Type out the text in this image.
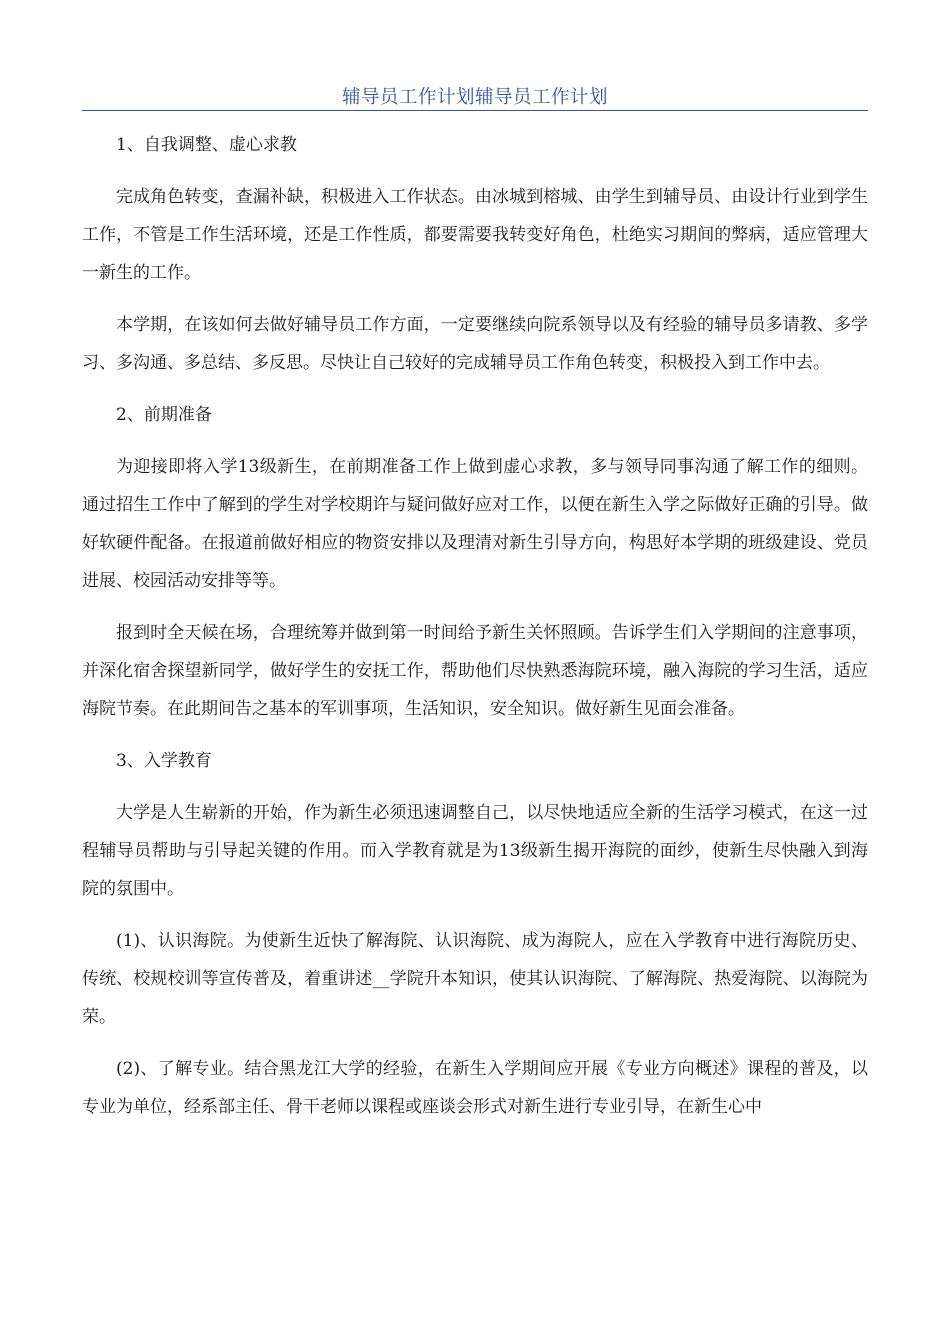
辅导员工作计划辅导员工作计划

1、自我调整、虚心求教

完成角色转变，查漏补缺，积极进入工作状态。由冰城到榕城、由学生到辅导员、由设计行业到学生工作，不管是工作生活环境，还是工作性质，都要需要我转变好角色，杜绝实习期间的弊病，适应管理大一新生的工作。

本学期，在该如何去做好辅导员工作方面，一定要继续向院系领导以及有经验的辅导员多请教、多学习、多沟通、多总结、多反思。尽快让自己较好的完成辅导员工作角色转变，积极投入到工作中去。

2、前期准备

为迎接即将入学13级新生，在前期准备工作上做到虚心求教，多与领导同事沟通了解工作的细则。通过招生工作中了解到的学生对学校期许与疑问做好应对工作，以便在新生入学之际做好正确的引导。做好软硬件配备。在报道前做好相应的物资安排以及理清对新生引导方向，构思好本学期的班级建设、党员进展、校园活动安排等等。

报到时全天候在场，合理统筹并做到第一时间给予新生关怀照顾。告诉学生们入学期间的注意事项，并深化宿舍探望新同学，做好学生的安抚工作，帮助他们尽快熟悉海院环境，融入海院的学习生活，适应海院节奏。在此期间告之基本的军训事项，生活知识，安全知识。做好新生见面会准备。

3、入学教育

大学是人生崭新的开始，作为新生必须迅速调整自己，以尽快地适应全新的生活学习模式，在这一过程辅导员帮助与引导起关键的作用。而入学教育就是为13级新生揭开海院的面纱，使新生尽快融入到海院的氛围中。

(1)、认识海院。为使新生近快了解海院、认识海院、成为海院人，应在入学教育中进行海院历史、传统、校规校训等宣传普及，着重讲述__学院升本知识，使其认识海院、了解海院、热爱海院、以海院为荣。

(2)、了解专业。结合黑龙江大学的经验，在新生入学期间应开展《专业方向概述》课程的普及，以专业为单位，经系部主任、骨干老师以课程或座谈会形式对新生进行专业引导，在新生心中
